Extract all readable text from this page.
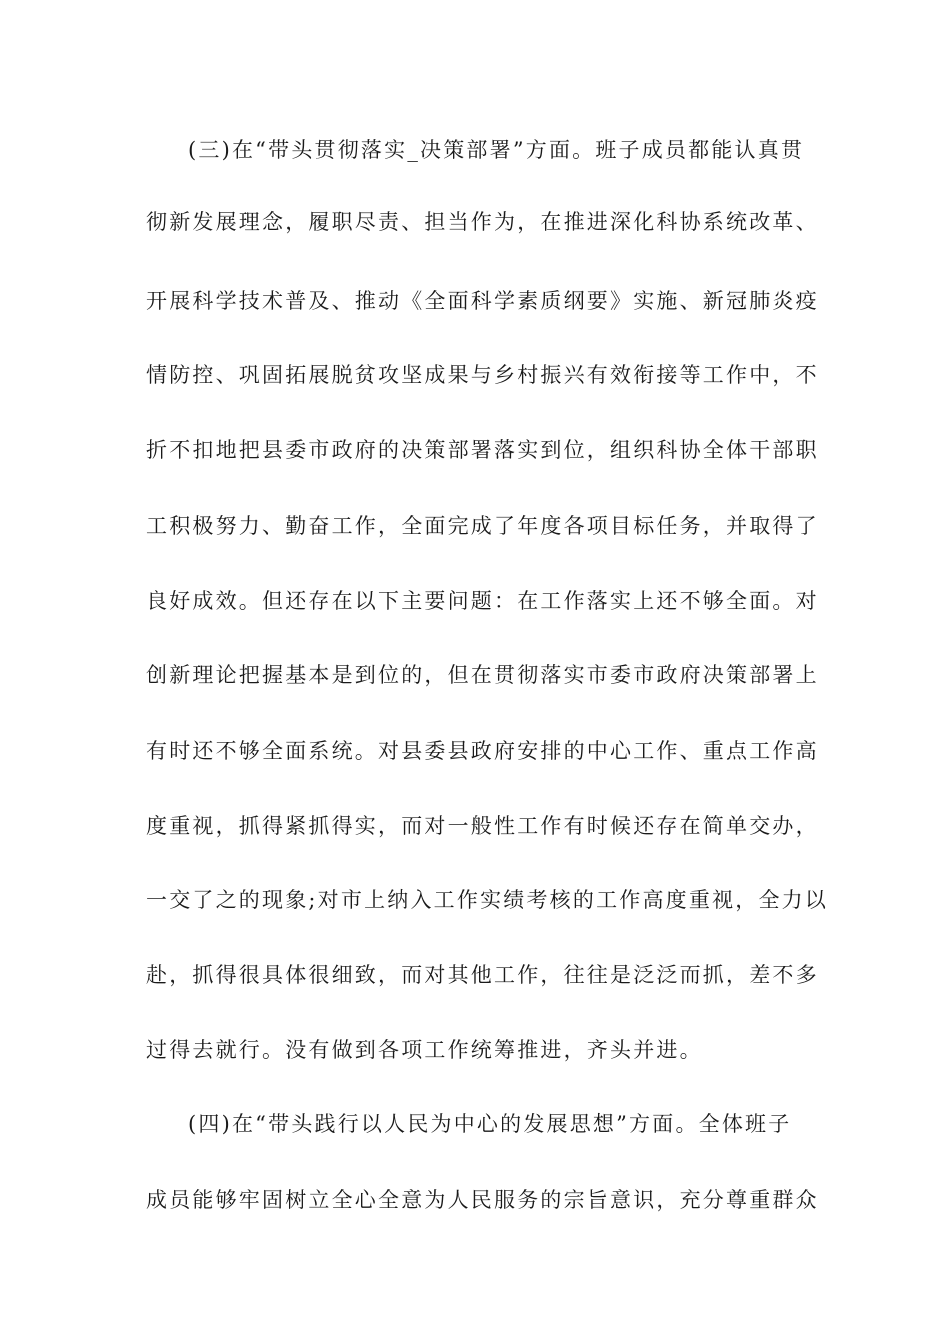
(三)在“带头贯彻落实_决策部署”方面。班子成员都能认真贯
彻新发展理念，履职尽责、担当作为，在推进深化科协系统改革、
开展科学技术普及、推动《全面科学素质纲要》实施、新冠肺炎疫
情防控、巩固拓展脱贫攻坚成果与乡村振兴有效衔接等工作中，不
折不扣地把县委市政府的决策部署落实到位，组织科协全体干部职
工积极努力、勤奋工作，全面完成了年度各项目标任务，并取得了
良好成效。但还存在以下主要问题：在工作落实上还不够全面。对
创新理论把握基本是到位的，但在贯彻落实市委市政府决策部署上
有时还不够全面系统。对县委县政府安排的中心工作、重点工作高
度重视，抓得紧抓得实，而对一般性工作有时候还存在简单交办，
一交了之的现象;对市上纳入工作实绩考核的工作高度重视，全力以
赴，抓得很具体很细致，而对其他工作，往往是泛泛而抓，差不多
过得去就行。没有做到各项工作统筹推进，齐头并进。
(四)在“带头践行以人民为中心的发展思想”方面。全体班子
成员能够牢固树立全心全意为人民服务的宗旨意识，充分尊重群众
